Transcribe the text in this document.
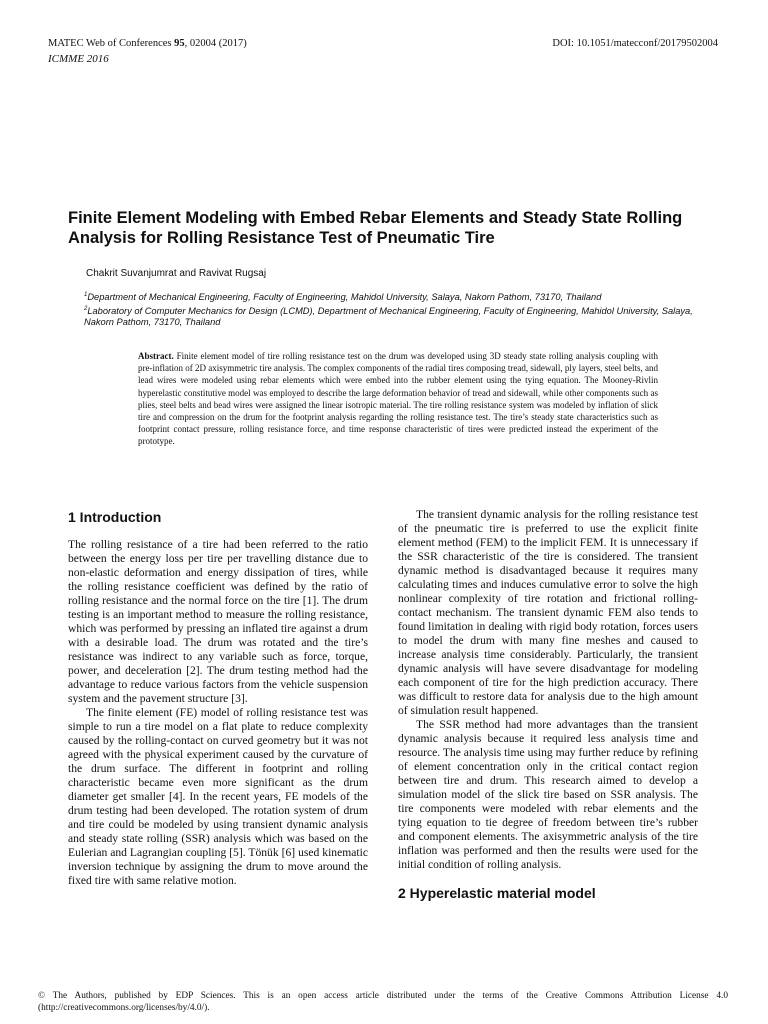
MATEC Web of Conferences 95, 02004 (2017)	DOI: 10.1051/matecconf/20179502004
ICMME 2016
Finite Element Modeling with Embed Rebar Elements and Steady State Rolling Analysis for Rolling Resistance Test of Pneumatic Tire
Chakrit Suvanjumrat and Ravivat Rugsaj
$^1$Department of Mechanical Engineering, Faculty of Engineering, Mahidol University, Salaya, Nakorn Pathom, 73170, Thailand
$^2$Laboratory of Computer Mechanics for Design (LCMD), Department of Mechanical Engineering, Faculty of Engineering, Mahidol University, Salaya, Nakorn Pathom, 73170, Thailand
Abstract. Finite element model of tire rolling resistance test on the drum was developed using 3D steady state rolling analysis coupling with pre-inflation of 2D axisymmetric tire analysis. The complex components of the radial tires composing tread, sidewall, ply layers, steel belts, and lead wires were modeled using rebar elements which were embed into the rubber element using the tying equation. The Mooney-Rivlin hyperelastic constitutive model was employed to describe the large deformation behavior of tread and sidewall, while other components such as plies, steel belts and bead wires were assigned the linear isotropic material. The tire rolling resistance system was modeled by inflation of slick tire and compression on the drum for the footprint analysis regarding the rolling resistance test. The tire’s steady state characteristics such as footprint contact pressure, rolling resistance force, and time response characteristic of tires were predicted instead the experiment of the prototype.
1 Introduction

The rolling resistance of a tire had been referred to the ratio between the energy loss per tire per travelling distance due to non-elastic deformation and energy dissipation of tires, while the rolling resistance coefficient was defined by the ratio of rolling resistance and the normal force on the tire [1]. The drum testing is an important method to measure the rolling resistance, which was performed by pressing an inflated tire against a drum with a desirable load. The drum was rotated and the tire’s resistance was indirect to any variable such as force, torque, power, and deceleration [2]. The drum testing method had the advantage to reduce various factors from the vehicle suspension system and the pavement structure [3].

The finite element (FE) model of rolling resistance test was simple to run a tire model on a flat plate to reduce complexity caused by the rolling-contact on curved geometry but it was not agreed with the physical experiment caused by the curvature of the drum surface. The different in footprint and rolling characteristic became even more significant as the drum diameter get smaller [4]. In the recent years, FE models of the drum testing had been developed. The rotation system of drum and tire could be modeled by using transient dynamic analysis and steady state rolling (SSR) analysis which was based on the Eulerian and Lagrangian coupling [5]. Tönük [6] used kinematic inversion technique by assigning the drum to move around the fixed tire with same relative motion.

The transient dynamic analysis for the rolling resistance test of the pneumatic tire is preferred to use the explicit finite element method (FEM) to the implicit FEM. It is unnecessary if the SSR characteristic of the tire is considered. The transient dynamic method is disadvantaged because it requires many calculating times and induces cumulative error to solve the high nonlinear complexity of tire rotation and frictional rolling-contact mechanism. The transient dynamic FEM also tends to found limitation in dealing with rigid body rotation, forces users to model the drum with many fine meshes and caused to increase analysis time considerably. Particularly, the transient dynamic analysis will have severe disadvantage for modeling each component of tire for the high prediction accuracy. There was difficult to restore data for analysis due to the high amount of simulation result happened.

The SSR method had more advantages than the transient dynamic analysis because it required less analysis time and resource. The analysis time using may further reduce by refining of element concentration only in the critical contact region between tire and drum. This research aimed to develop a simulation model of the slick tire based on SSR analysis. The tire components were modeled with rebar elements and the tying equation to tie degree of freedom between tire’s rubber and component elements. The axisymmetric analysis of the tire inflation was performed and then the results were used for the initial condition of rolling analysis.

2 Hyperelastic material model
© The Authors, published by EDP Sciences. This is an open access article distributed under the terms of the Creative Commons Attribution License 4.0 (http://creativecommons.org/licenses/by/4.0/).
